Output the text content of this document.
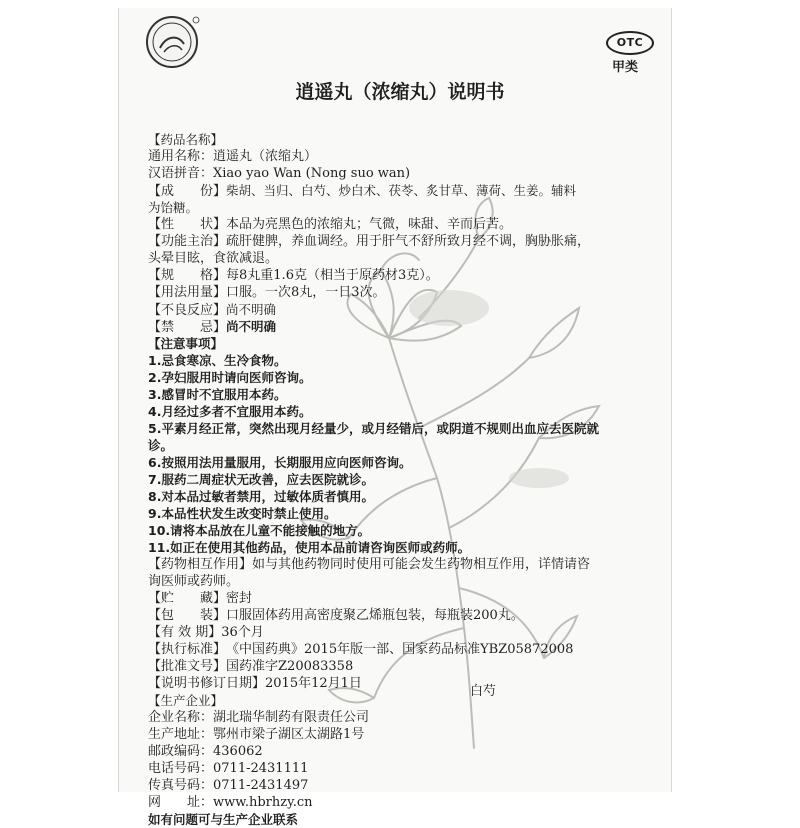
OTC
甲类
逍遥丸（浓缩丸）说明书
【药品名称】
通用名称：逍遥丸（浓缩丸）
汉语拼音：Xiao yao Wan (Nong suo wan)
【成　　份】柴胡、当归、白芍、炒白术、茯苓、炙甘草、薄荷、生姜。辅料
为饴糖。
【性　　状】本品为亮黑色的浓缩丸；气微，味甜、辛而后苦。
【功能主治】疏肝健脾，养血调经。用于肝气不舒所致月经不调，胸胁胀痛，
头晕目眩，食欲减退。
【规　　格】每8丸重1.6克（相当于原药材3克）。
【用法用量】口服。一次8丸，一日3次。
【不良反应】尚不明确
【禁　　忌】尚不明确
【注意事项】
1.忌食寒凉、生冷食物。
2.孕妇服用时请向医师咨询。
3.感冒时不宜服用本药。
4.月经过多者不宜服用本药。
5.平素月经正常，突然出现月经量少，或月经错后，或阴道不规则出血应去医院就
诊。
6.按照用法用量服用，长期服用应向医师咨询。
7.服药二周症状无改善，应去医院就诊。
8.对本品过敏者禁用，过敏体质者慎用。
9.本品性状发生改变时禁止使用。
10.请将本品放在儿童不能接触的地方。
11.如正在使用其他药品，使用本品前请咨询医师或药师。
【药物相互作用】如与其他药物同时使用可能会发生药物相互作用，详情请咨
询医师或药师。
【贮　　藏】密封
【包　　装】口服固体药用高密度聚乙烯瓶包装，每瓶装200丸。
【有 效 期】36个月
【执行标准】《中国药典》2015年版一部、国家药品标准YBZ05872008
【批准文号】国药准字Z20083358
【说明书修订日期】2015年12月1日
【生产企业】
企业名称：湖北瑞华制药有限责任公司
生产地址：鄂州市梁子湖区太湖路1号
邮政编码：436062
电话号码：0711-2431111
传真号码：0711-2431497
网　　址：www.hbrhzy.cn
如有问题可与生产企业联系
白芍
